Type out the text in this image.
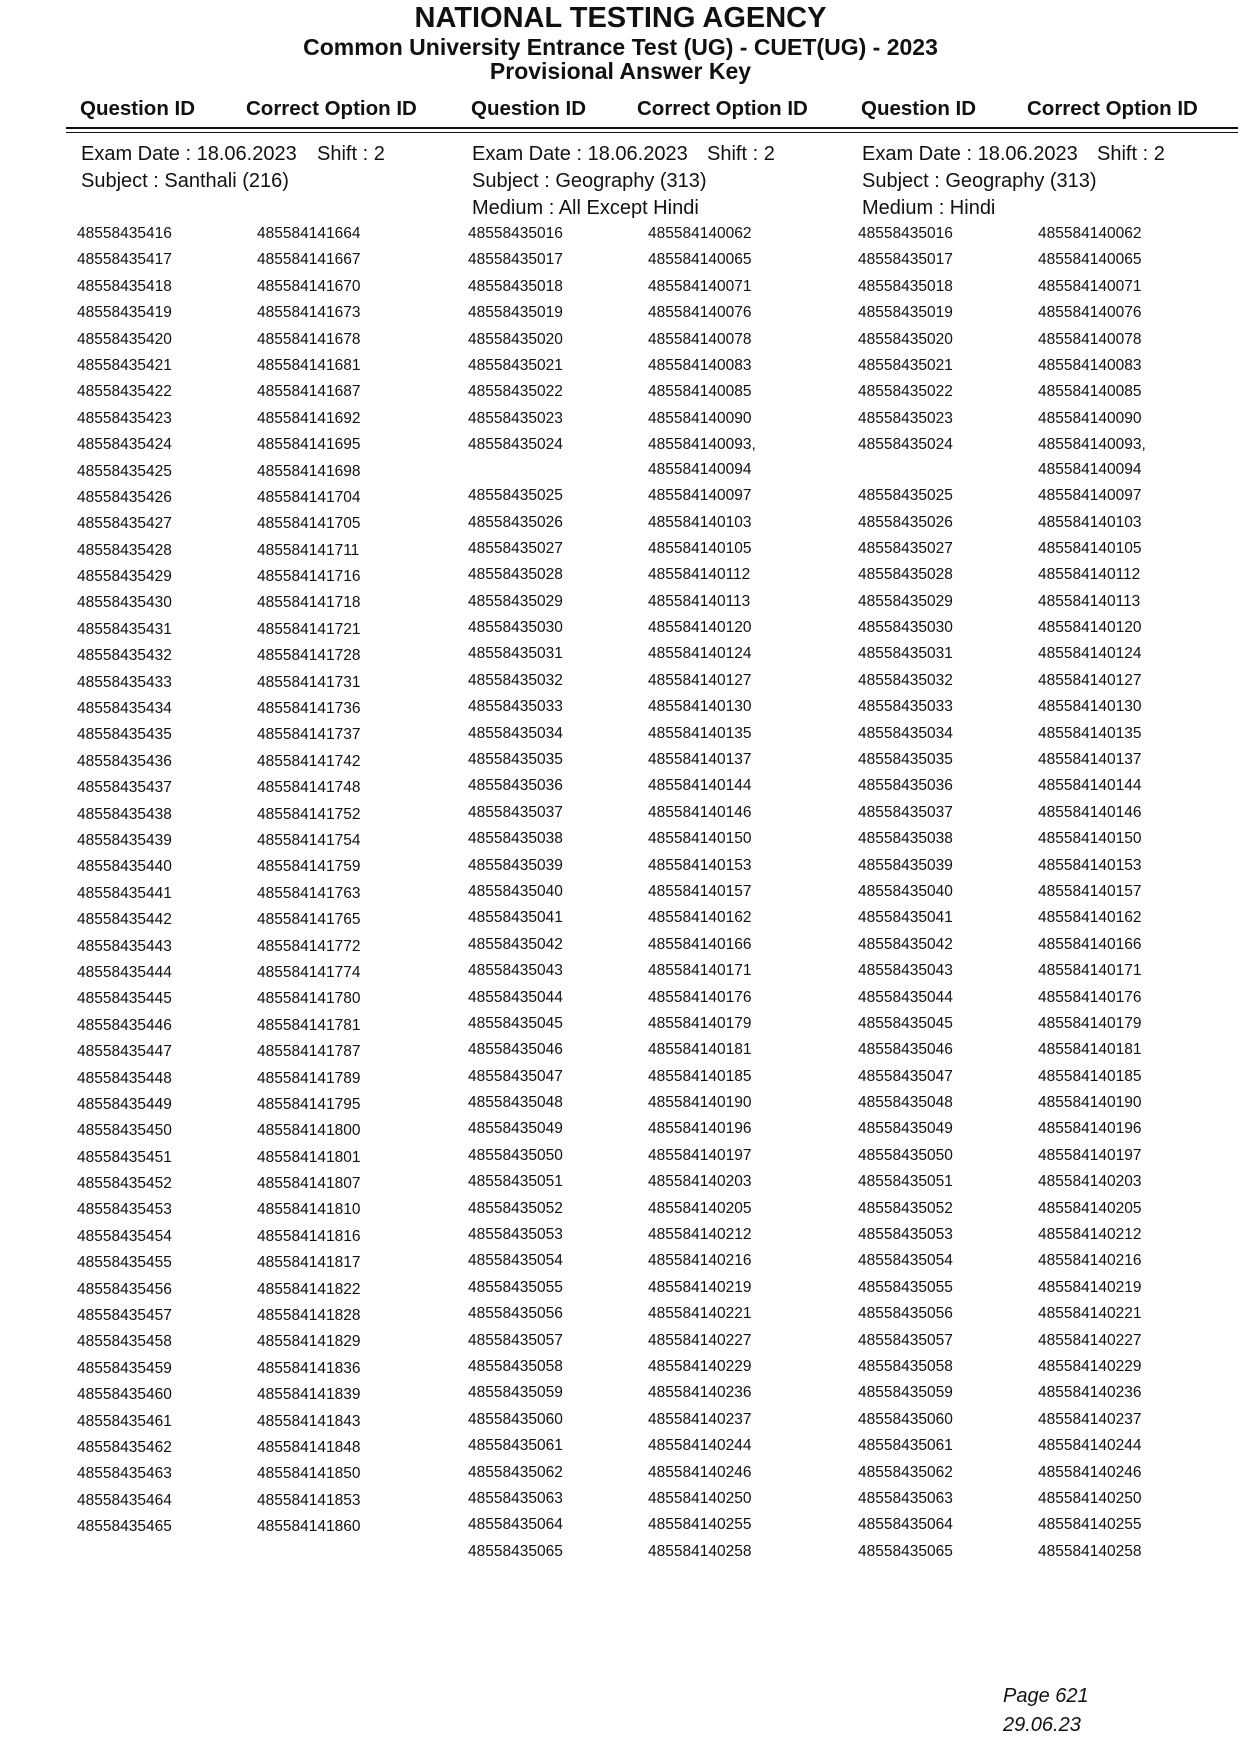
NATIONAL TESTING AGENCY
Common University Entrance Test (UG) - CUET(UG) - 2023
Provisional Answer Key
Question ID Correct Option ID	Question ID Correct Option ID	Question ID Correct Option ID
Exam Date : 18.06.2023 Shift : 2
Subject : Santhali (216)
Exam Date : 18.06.2023 Shift : 2
Subject : Geography (313)
Medium : All Except Hindi
Exam Date : 18.06.2023 Shift : 2
Subject : Geography (313)
Medium : Hindi
48558435416	485584141664
48558435417	485584141667
48558435418	485584141670
48558435419	485584141673
48558435420	485584141678
48558435421	485584141681
48558435422	485584141687
48558435423	485584141692
48558435424	485584141695
48558435425	485584141698
48558435426	485584141704
48558435427	485584141705
48558435428	485584141711
48558435429	485584141716
48558435430	485584141718
48558435431	485584141721
48558435432	485584141728
48558435433	485584141731
48558435434	485584141736
48558435435	485584141737
48558435436	485584141742
48558435437	485584141748
48558435438	485584141752
48558435439	485584141754
48558435440	485584141759
48558435441	485584141763
48558435442	485584141765
48558435443	485584141772
48558435444	485584141774
48558435445	485584141780
48558435446	485584141781
48558435447	485584141787
48558435448	485584141789
48558435449	485584141795
48558435450	485584141800
48558435451	485584141801
48558435452	485584141807
48558435453	485584141810
48558435454	485584141816
48558435455	485584141817
48558435456	485584141822
48558435457	485584141828
48558435458	485584141829
48558435459	485584141836
48558435460	485584141839
48558435461	485584141843
48558435462	485584141848
48558435463	485584141850
48558435464	485584141853
48558435465	485584141860
48558435016	485584140062
48558435017	485584140065
48558435018	485584140071
48558435019	485584140076
48558435020	485584140078
48558435021	485584140083
48558435022	485584140085
48558435023	485584140090
48558435024	485584140093,
485584140094
48558435025	485584140097
48558435026	485584140103
48558435027	485584140105
48558435028	485584140112
48558435029	485584140113
48558435030	485584140120
48558435031	485584140124
48558435032	485584140127
48558435033	485584140130
48558435034	485584140135
48558435035	485584140137
48558435036	485584140144
48558435037	485584140146
48558435038	485584140150
48558435039	485584140153
48558435040	485584140157
48558435041	485584140162
48558435042	485584140166
48558435043	485584140171
48558435044	485584140176
48558435045	485584140179
48558435046	485584140181
48558435047	485584140185
48558435048	485584140190
48558435049	485584140196
48558435050	485584140197
48558435051	485584140203
48558435052	485584140205
48558435053	485584140212
48558435054	485584140216
48558435055	485584140219
48558435056	485584140221
48558435057	485584140227
48558435058	485584140229
48558435059	485584140236
48558435060	485584140237
48558435061	485584140244
48558435062	485584140246
48558435063	485584140250
48558435064	485584140255
48558435065	485584140258
48558435016	485584140062
48558435017	485584140065
48558435018	485584140071
48558435019	485584140076
48558435020	485584140078
48558435021	485584140083
48558435022	485584140085
48558435023	485584140090
48558435024	485584140093,
485584140094
48558435025	485584140097
48558435026	485584140103
48558435027	485584140105
48558435028	485584140112
48558435029	485584140113
48558435030	485584140120
48558435031	485584140124
48558435032	485584140127
48558435033	485584140130
48558435034	485584140135
48558435035	485584140137
48558435036	485584140144
48558435037	485584140146
48558435038	485584140150
48558435039	485584140153
48558435040	485584140157
48558435041	485584140162
48558435042	485584140166
48558435043	485584140171
48558435044	485584140176
48558435045	485584140179
48558435046	485584140181
48558435047	485584140185
48558435048	485584140190
48558435049	485584140196
48558435050	485584140197
48558435051	485584140203
48558435052	485584140205
48558435053	485584140212
48558435054	485584140216
48558435055	485584140219
48558435056	485584140221
48558435057	485584140227
48558435058	485584140229
48558435059	485584140236
48558435060	485584140237
48558435061	485584140244
48558435062	485584140246
48558435063	485584140250
48558435064	485584140255
48558435065	485584140258
Page 621
29.06.23
